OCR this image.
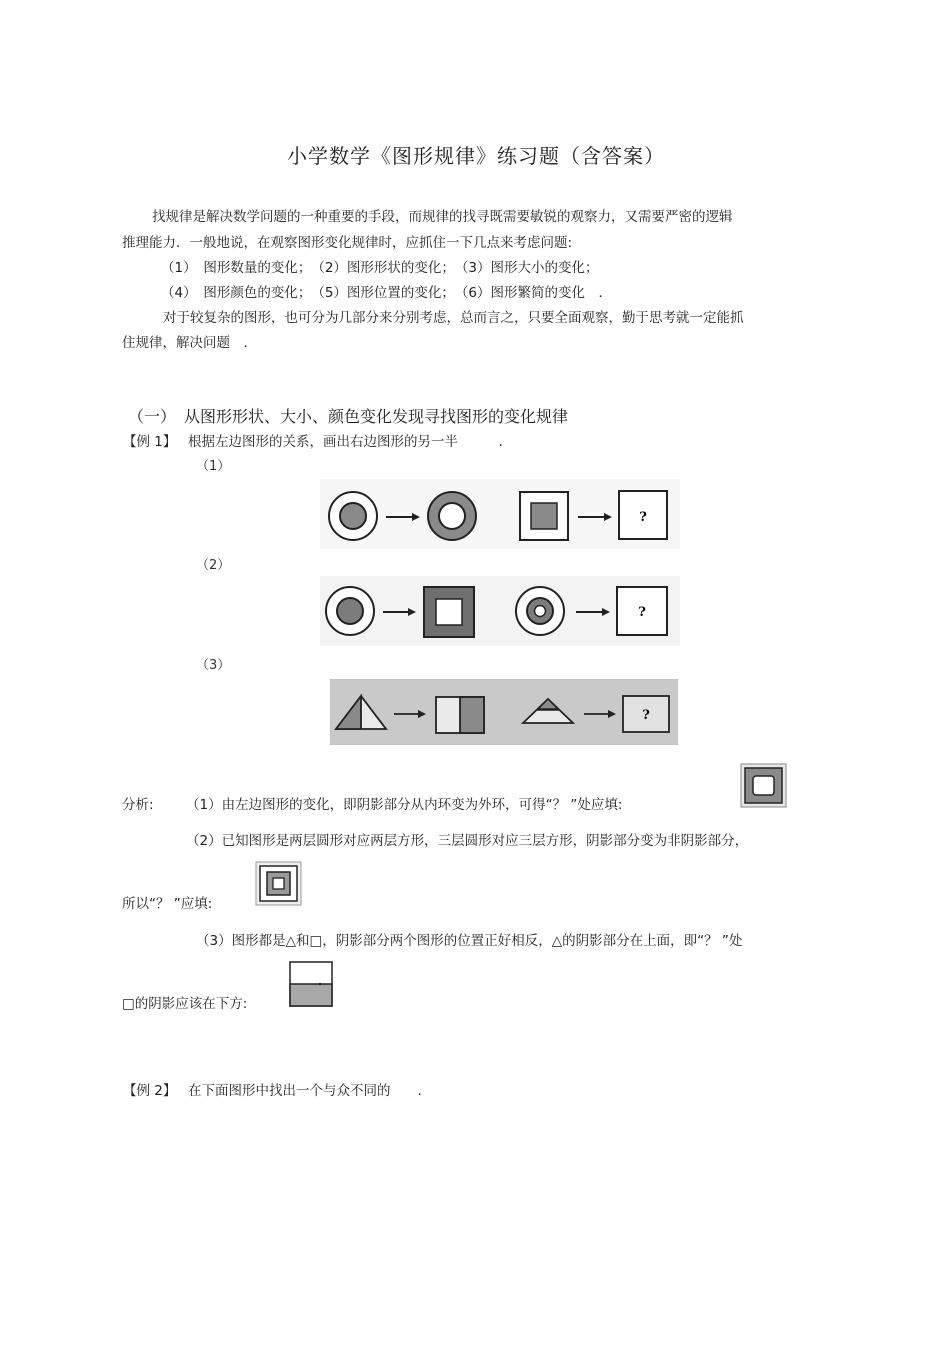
小学数学《图形规律》练习题（含答案）
找规律是解决数学问题的一种重要的手段，而规律的找寻既需要敏锐的观察力，又需要严密的逻辑
推理能力．一般地说，在观察图形变化规律时，应抓住一下几点来考虑问题:
（1）　图形数量的变化；　（2）图形形状的变化；　（3）图形大小的变化；
（4）　图形颜色的变化；　（5）图形位置的变化；　（6）图形繁简的变化　．
对于较复杂的图形，也可分为几部分来分别考虑，总而言之，只要全面观察，勤于思考就一定能抓
住规律，解决问题　．
（一）　从图形形状、大小、颜色变化发现寻找图形的变化规律
【例 1】 根据左边图形的关系，画出右边图形的另一半　　　.
（1）
（2）
（3）
?
?
?
分析: （1）由左边图形的变化，即阴影部分从内环变为外环，可得“？ ”处应填:
（2）已知图形是两层圆形对应两层方形，三层圆形对应三层方形，阴影部分变为非阴影部分，
所以“？ ”应填:
（3）图形都是△和□，阴影部分两个图形的位置正好相反，△的阴影部分在上面，即“？ ”处
□的阴影应该在下方:
【例 2】 在下面图形中找出一个与众不同的　　.
